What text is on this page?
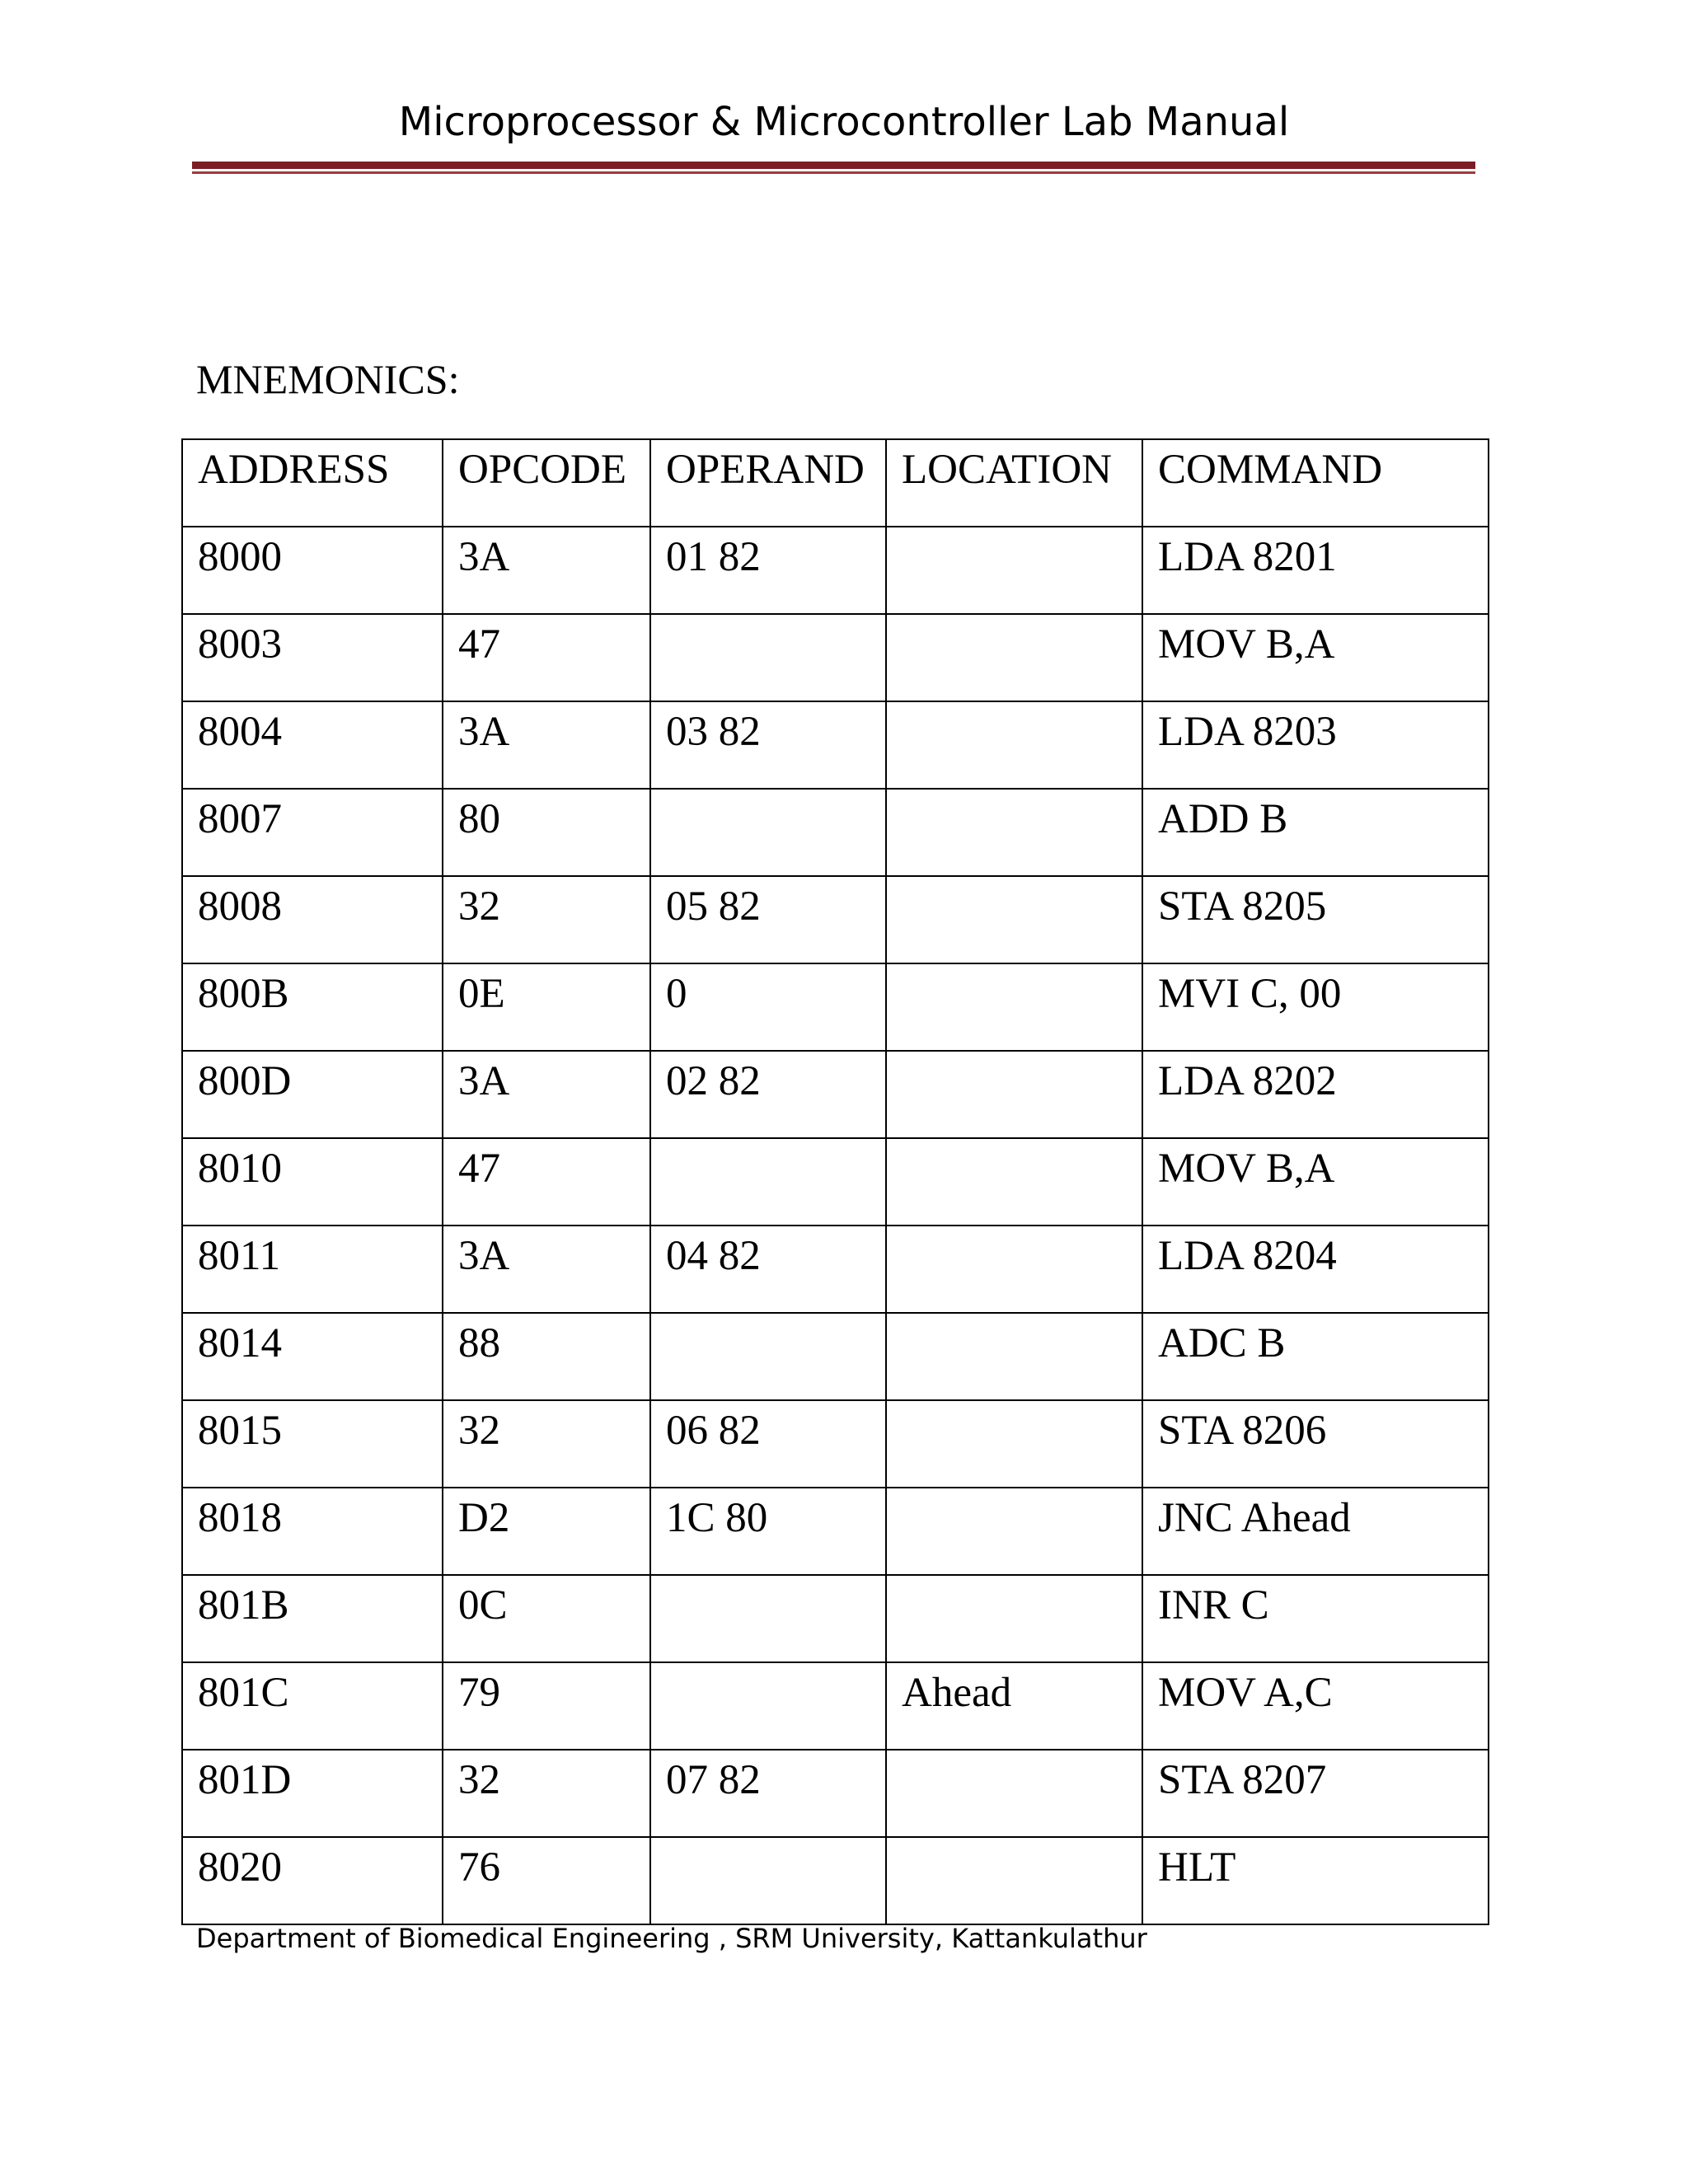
Microprocessor & Microcontroller Lab Manual
MNEMONICS:
ADDRESS	OPCODE	OPERAND	LOCATION	COMMAND
8000	3A	01 82		LDA 8201
8003	47			MOV B,A
8004	3A	03 82		LDA 8203
8007	80			ADD B
8008	32	05 82		STA 8205
800B	0E	0		MVI C, 00
800D	3A	02 82		LDA 8202
8010	47			MOV B,A
8011	3A	04 82		LDA 8204
8014	88			ADC B
8015	32	06 82		STA 8206
8018	D2	1C 80		JNC Ahead
801B	0C			INR C
801C	79		Ahead	MOV A,C
801D	32	07 82		STA 8207
8020	76			HLT
Department of Biomedical Engineering , SRM University, Kattankulathur
